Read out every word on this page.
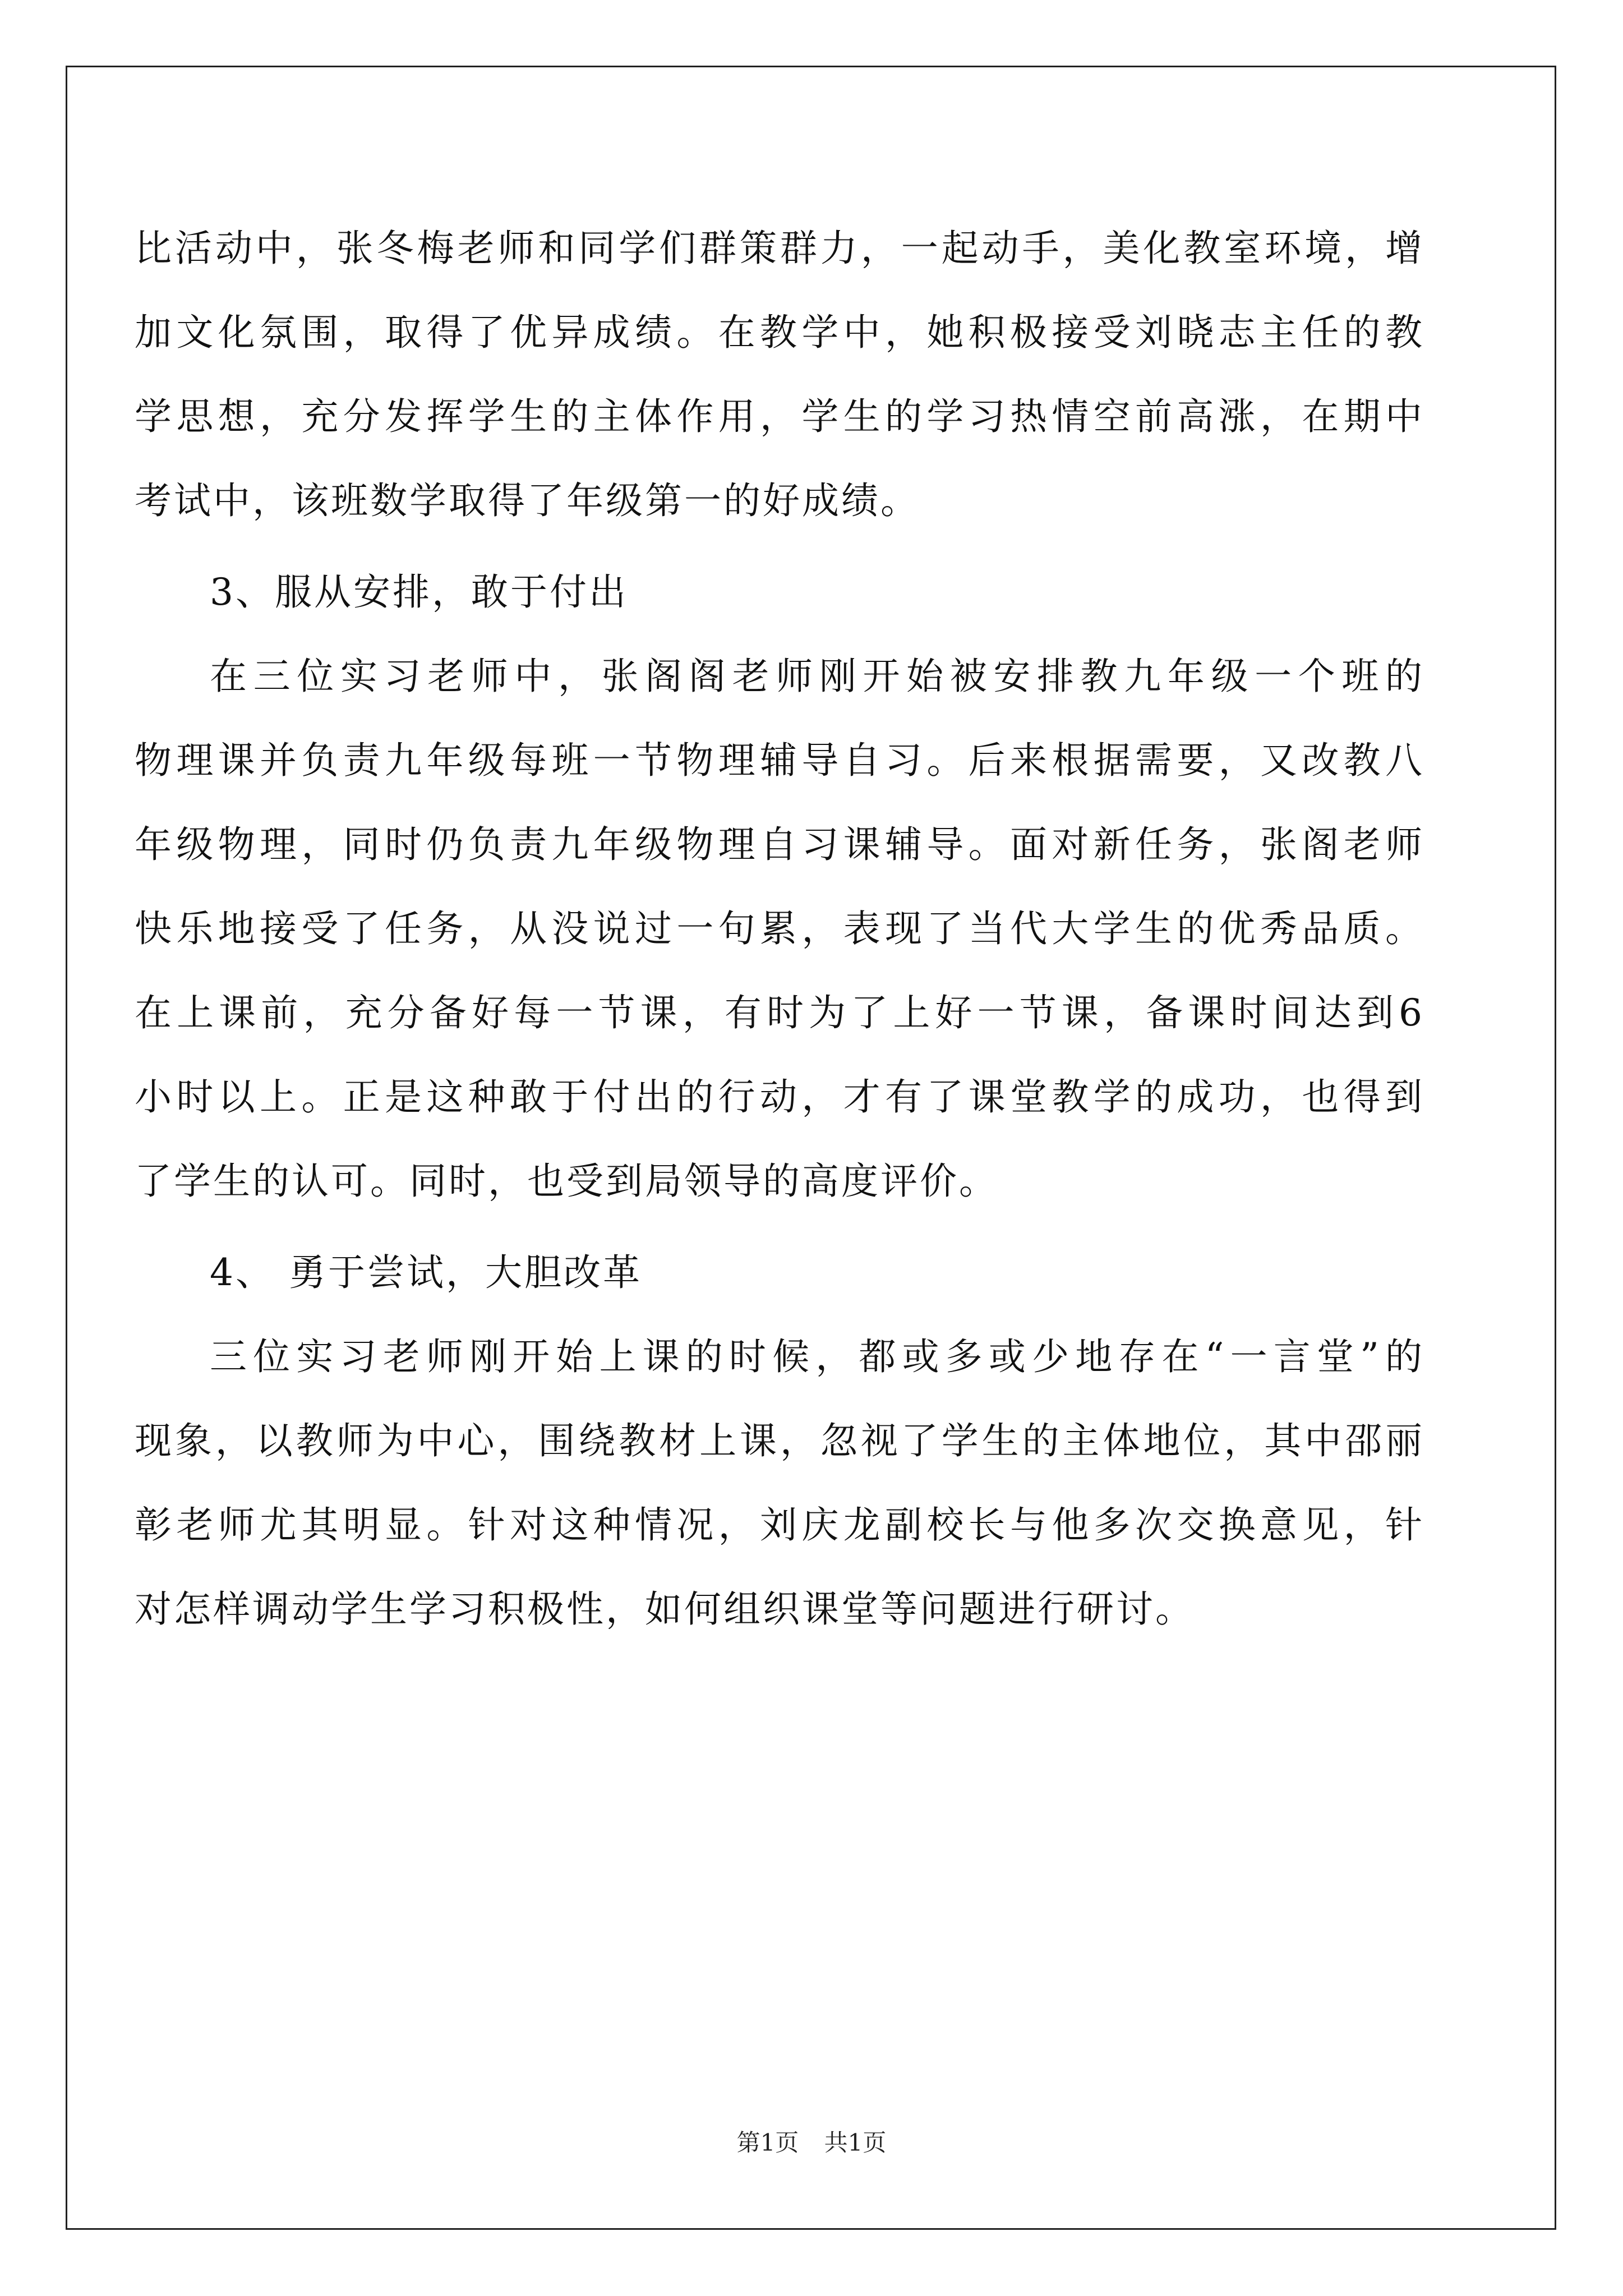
比活动中，张冬梅老师和同学们群策群力，一起动手，美化教室环境，增
加文化氛围，取得了优异成绩。在教学中，她积极接受刘晓志主任的教
学思想，充分发挥学生的主体作用，学生的学习热情空前高涨，在期中
考试中，该班数学取得了年级第一的好成绩。
3、服从安排，敢于付出
在三位实习老师中，张阁阁老师刚开始被安排教九年级一个班的
物理课并负责九年级每班一节物理辅导自习。后来根据需要，又改教八
年级物理，同时仍负责九年级物理自习课辅导。面对新任务，张阁老师
快乐地接受了任务，从没说过一句累，表现了当代大学生的优秀品质。
在上课前，充分备好每一节课，有时为了上好一节课，备课时间达到6
小时以上。正是这种敢于付出的行动，才有了课堂教学的成功，也得到
了学生的认可。同时，也受到局领导的高度评价。
4、 勇于尝试，大胆改革
三位实习老师刚开始上课的时候，都或多或少地存在“一言堂”的
现象，以教师为中心，围绕教材上课，忽视了学生的主体地位，其中邵丽
彰老师尤其明显。针对这种情况，刘庆龙副校长与他多次交换意见，针
对怎样调动学生学习积极性，如何组织课堂等问题进行研讨。
第1页 共1页
